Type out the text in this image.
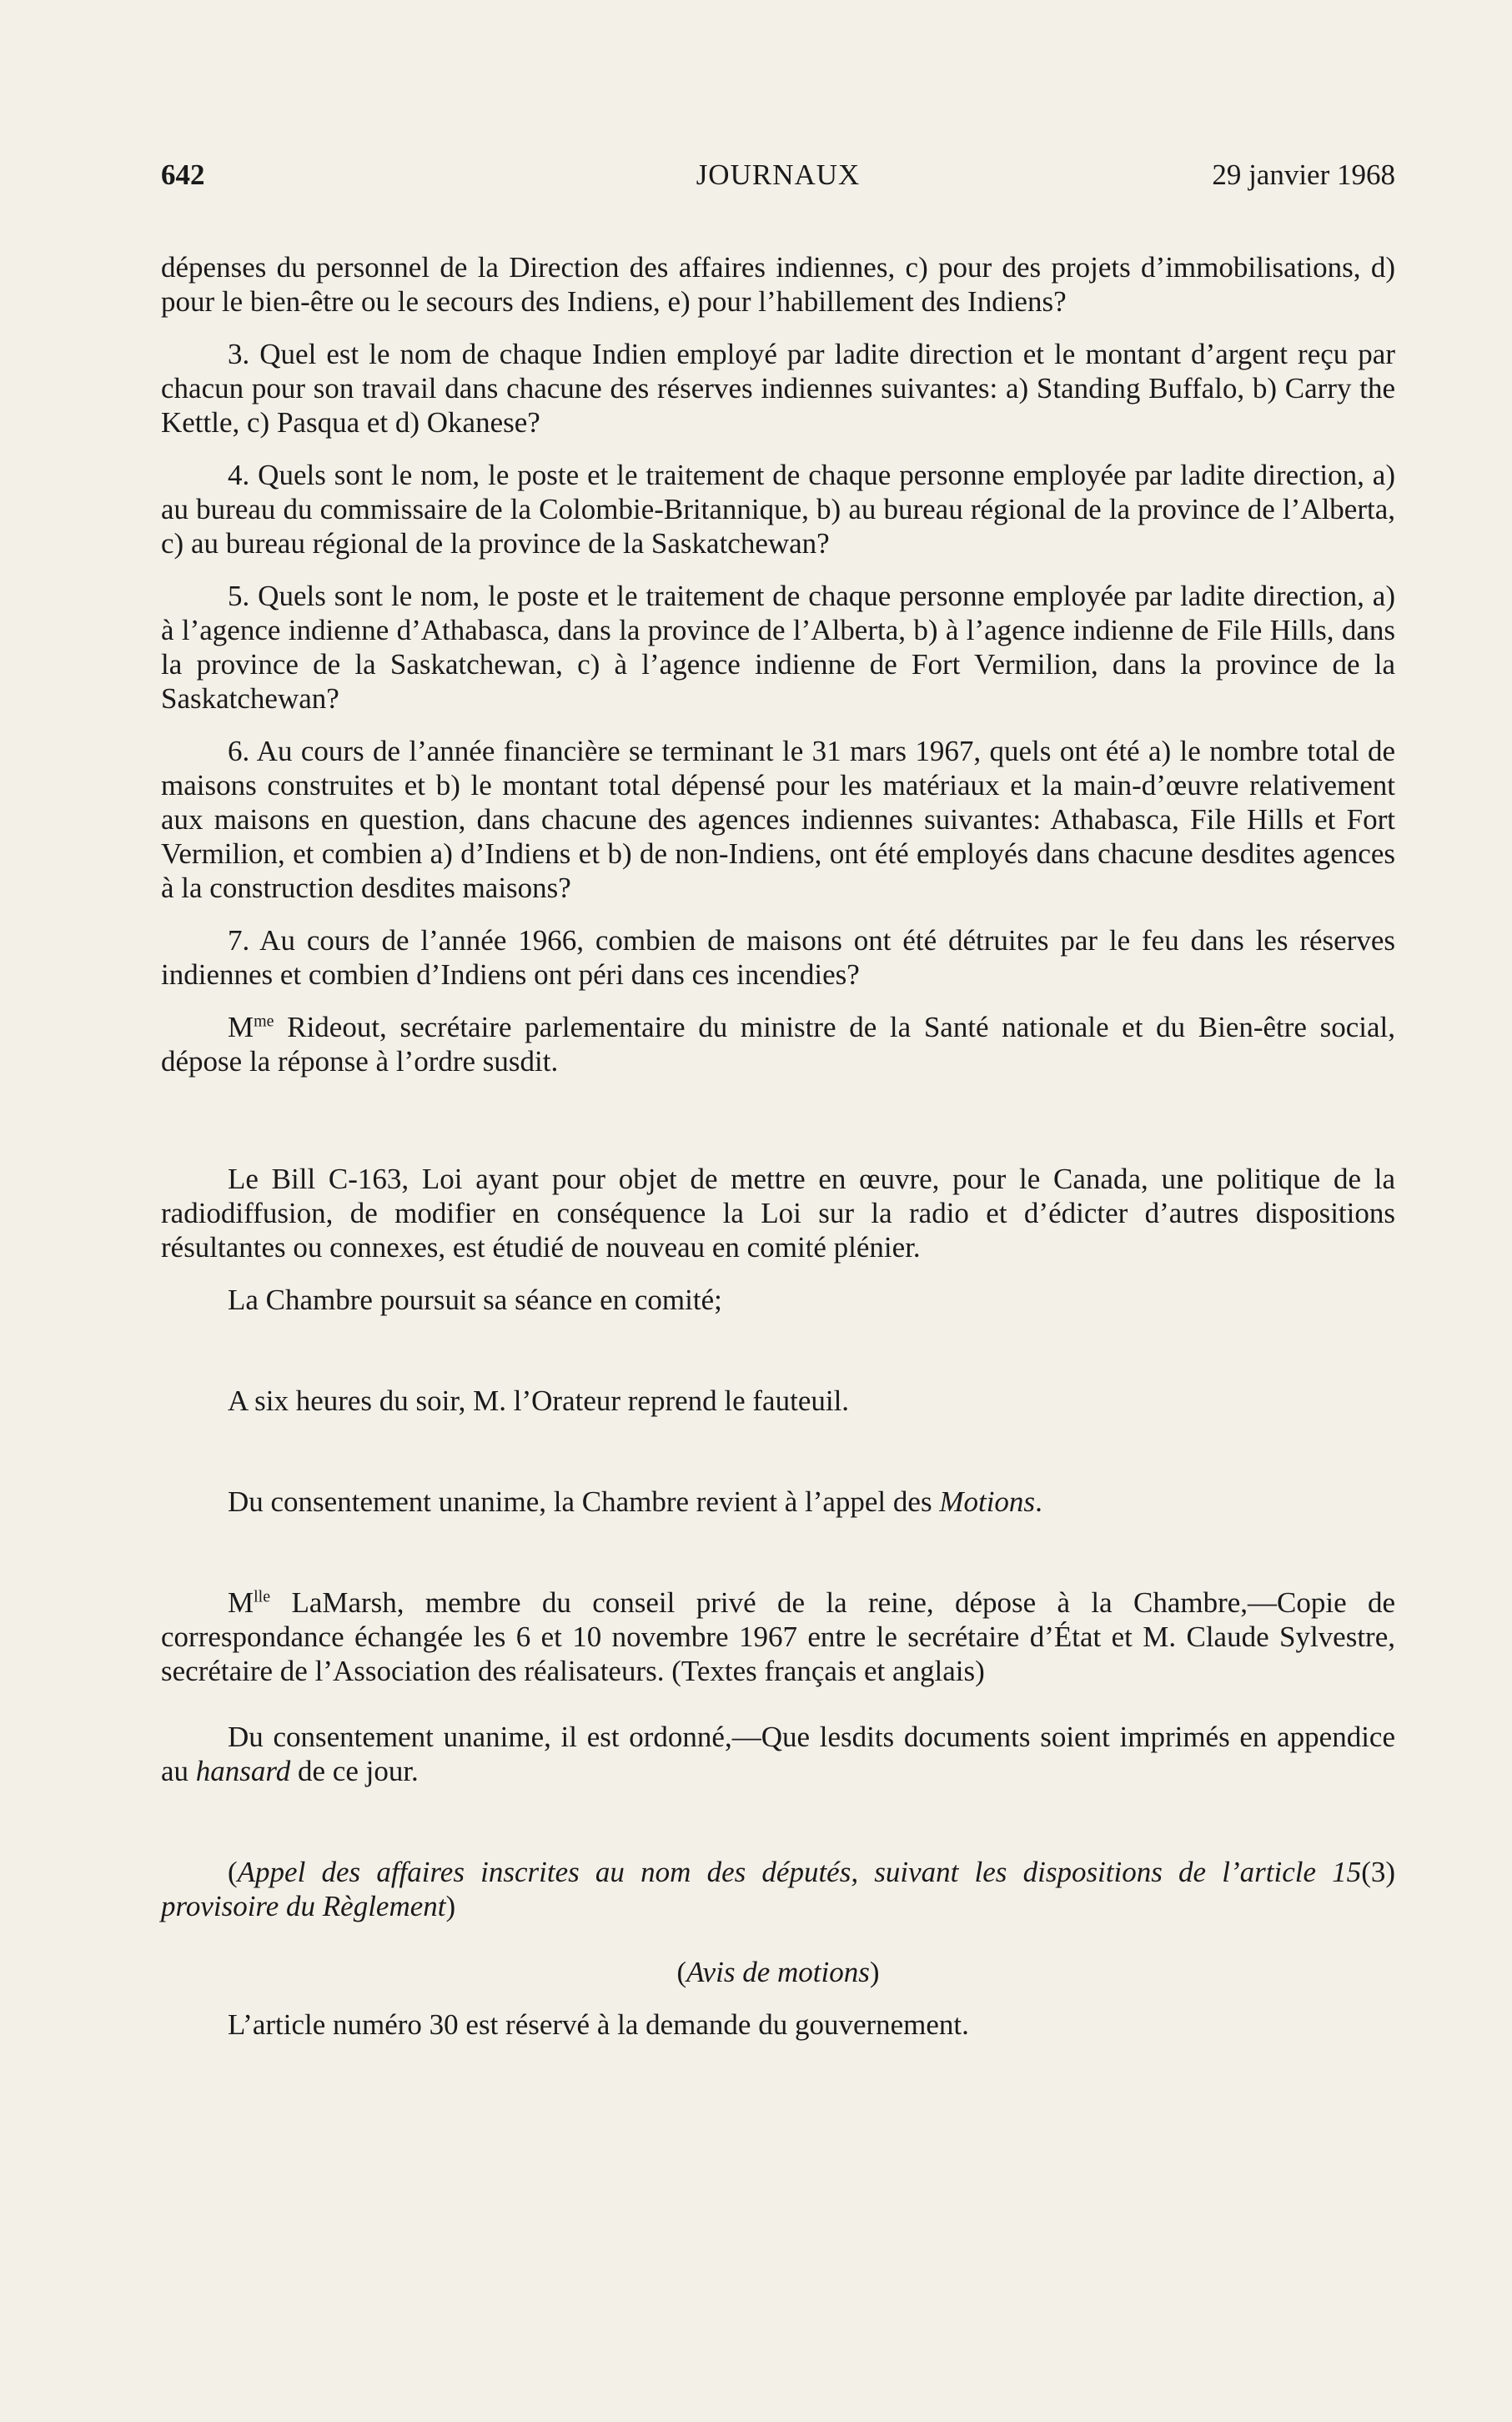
642	JOURNAUX	29 janvier 1968

dépenses du personnel de la Direction des affaires indiennes, c) pour des projets d’immobilisations, d) pour le bien-être ou le secours des Indiens, e) pour l’habillement des Indiens?

3. Quel est le nom de chaque Indien employé par ladite direction et le montant d’argent reçu par chacun pour son travail dans chacune des réserves indiennes suivantes: a) Standing Buffalo, b) Carry the Kettle, c) Pasqua et d) Okanese?

4. Quels sont le nom, le poste et le traitement de chaque personne employée par ladite direction, a) au bureau du commissaire de la Colombie-Britannique, b) au bureau régional de la province de l’Alberta, c) au bureau régional de la province de la Saskatchewan?

5. Quels sont le nom, le poste et le traitement de chaque personne employée par ladite direction, a) à l’agence indienne d’Athabasca, dans la province de l’Alberta, b) à l’agence indienne de File Hills, dans la province de la Saskatchewan, c) à l’agence indienne de Fort Vermilion, dans la province de la Saskatchewan?

6. Au cours de l’année financière se terminant le 31 mars 1967, quels ont été a) le nombre total de maisons construites et b) le montant total dépensé pour les matériaux et la main-d’œuvre relativement aux maisons en question, dans chacune des agences indiennes suivantes: Athabasca, File Hills et Fort Vermilion, et combien a) d’Indiens et b) de non-Indiens, ont été employés dans chacune desdites agences à la construction desdites maisons?

7. Au cours de l’année 1966, combien de maisons ont été détruites par le feu dans les réserves indiennes et combien d’Indiens ont péri dans ces incendies?

$M^{me}$ Rideout, secrétaire parlementaire du ministre de la Santé nationale et du Bien-être social, dépose la réponse à l’ordre susdit.

Le Bill C-163, Loi ayant pour objet de mettre en œuvre, pour le Canada, une politique de la radiodiffusion, de modifier en conséquence la Loi sur la radio et d’édicter d’autres dispositions résultantes ou connexes, est étudié de nouveau en comité plénier.

La Chambre poursuit sa séance en comité;

A six heures du soir, M. l’Orateur reprend le fauteuil.

Du consentement unanime, la Chambre revient à l’appel des Motions.

$M^{lle}$ LaMarsh, membre du conseil privé de la reine, dépose à la Chambre,—Copie de correspondance échangée les 6 et 10 novembre 1967 entre le secrétaire d’État et M. Claude Sylvestre, secrétaire de l’Association des réalisateurs. (Textes français et anglais)

Du consentement unanime, il est ordonné,—Que lesdits documents soient imprimés en appendice au hansard de ce jour.

(Appel des affaires inscrites au nom des députés, suivant les dispositions de l’article 15(3) provisoire du Règlement)

(Avis de motions)

L’article numéro 30 est réservé à la demande du gouvernement.
